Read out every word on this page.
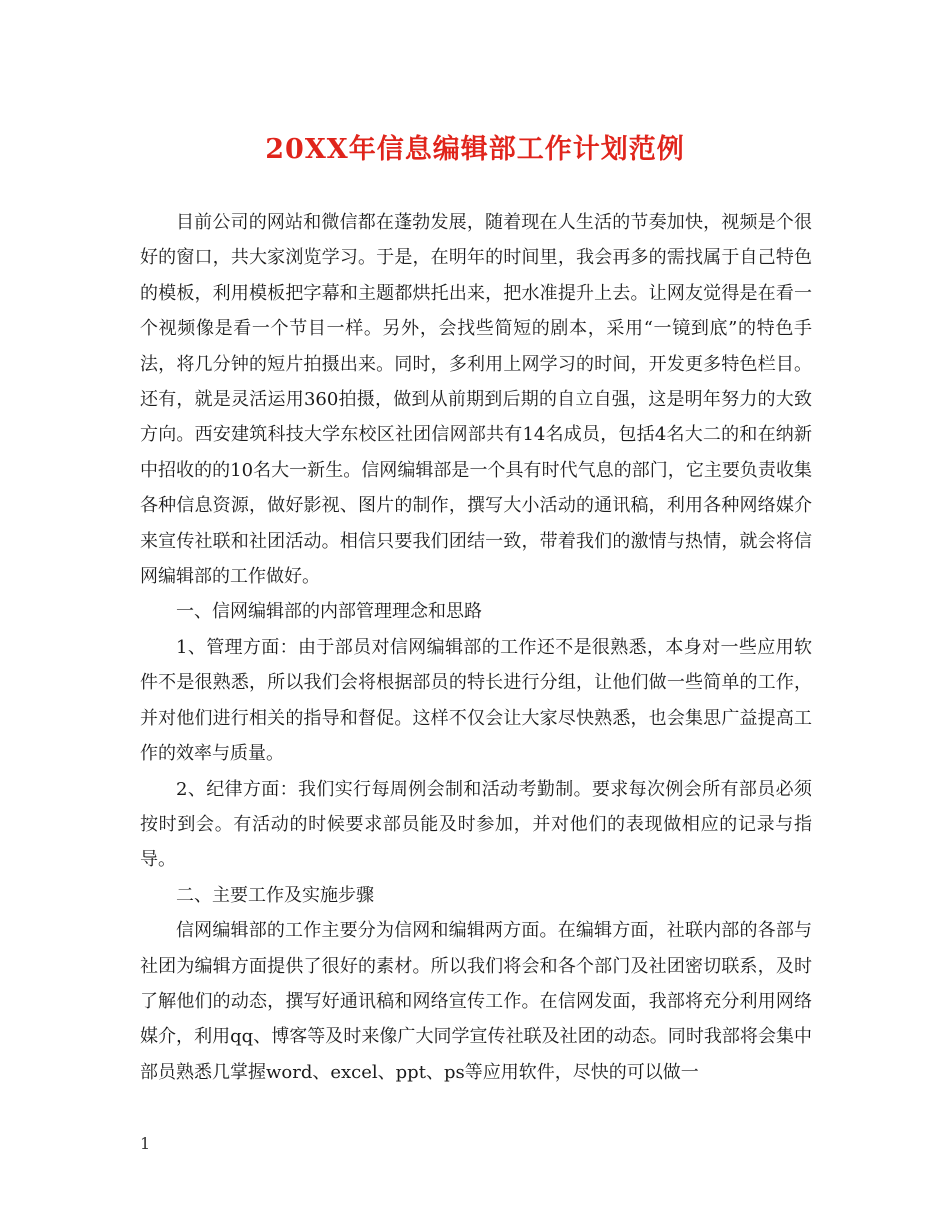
20XX年信息编辑部工作计划范例

目前公司的网站和微信都在蓬勃发展，随着现在人生活的节奏加快，视频是个很好的窗口，共大家浏览学习。于是，在明年的时间里，我会再多的需找属于自己特色的模板，利用模板把字幕和主题都烘托出来，把水准提升上去。让网友觉得是在看一个视频像是看一个节目一样。另外，会找些简短的剧本，采用“一镜到底”的特色手法，将几分钟的短片拍摄出来。同时，多利用上网学习的时间，开发更多特色栏目。还有，就是灵活运用360拍摄，做到从前期到后期的自立自强，这是明年努力的大致方向。西安建筑科技大学东校区社团信网部共有14名成员，包括4名大二的和在纳新中招收的的10名大一新生。信网编辑部是一个具有时代气息的部门，它主要负责收集各种信息资源，做好影视、图片的制作，撰写大小活动的通讯稿，利用各种网络媒介来宣传社联和社团活动。相信只要我们团结一致，带着我们的激情与热情，就会将信网编辑部的工作做好。

一、信网编辑部的内部管理理念和思路

1、管理方面：由于部员对信网编辑部的工作还不是很熟悉，本身对一些应用软件不是很熟悉，所以我们会将根据部员的特长进行分组，让他们做一些简单的工作，并对他们进行相关的指导和督促。这样不仅会让大家尽快熟悉，也会集思广益提高工作的效率与质量。

2、纪律方面：我们实行每周例会制和活动考勤制。要求每次例会所有部员必须按时到会。有活动的时候要求部员能及时参加，并对他们的表现做相应的记录与指导。

二、主要工作及实施步骤

信网编辑部的工作主要分为信网和编辑两方面。在编辑方面，社联内部的各部与社团为编辑方面提供了很好的素材。所以我们将会和各个部门及社团密切联系，及时了解他们的动态，撰写好通讯稿和网络宣传工作。在信网发面，我部将充分利用网络媒介，利用qq、博客等及时来像广大同学宣传社联及社团的动态。同时我部将会集中部员熟悉几掌握word、excel、ppt、ps等应用软件，尽快的可以做一

1
